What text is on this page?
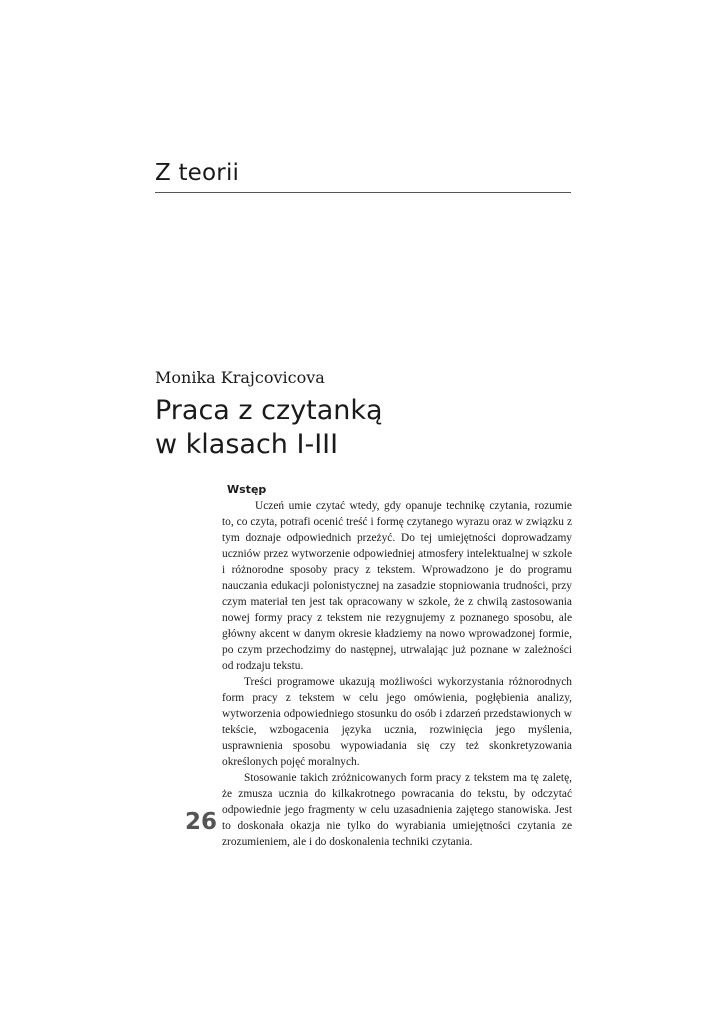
Z teorii

Monika Krajcovicova

Praca z czytanką
w klasach I-III
Wstęp

Uczeń umie czytać wtedy, gdy opanuje technikę czytania, rozumie to, co czyta, potrafi ocenić treść i formę czytanego wyrazu oraz w związku z tym doznaje odpowiednich przeżyć. Do tej umiejętności doprowadzamy uczniów przez wytworzenie odpowiedniej atmosfery intelektualnej w szkole i różnorodne sposoby pracy z tekstem. Wprowadzono je do programu nauczania edukacji polonistycznej na zasadzie stopniowania trudności, przy czym materiał ten jest tak opracowany w szkole, że z chwilą zastosowania nowej formy pracy z tekstem nie rezygnujemy z poznanego sposobu, ale główny akcent w danym okresie kładziemy na nowo wprowadzonej formie, po czym przechodzimy do następnej, utrwalając już poznane w zależności od rodzaju tekstu.

Treści programowe ukazują możliwości wykorzystania różnorodnych form pracy z tekstem w celu jego omówienia, pogłębienia analizy, wytworzenia odpowiedniego stosunku do osób i zdarzeń przedstawionych w tekście, wzbogacenia języka ucznia, rozwinięcia jego myślenia, usprawnienia sposobu wypowiadania się czy też skonkretyzowania określonych pojęć moralnych.

Stosowanie takich zróżnicowanych form pracy z tekstem ma tę zaletę, że zmusza ucznia do kilkakrotnego powracania do tekstu, by odczytać odpowiednie jego fragmenty w celu uzasadnienia zajętego stanowiska. Jest to doskonała okazja nie tylko do wyrabiania umiejętności czytania ze zrozumieniem, ale i do doskonalenia techniki czytania.

26
